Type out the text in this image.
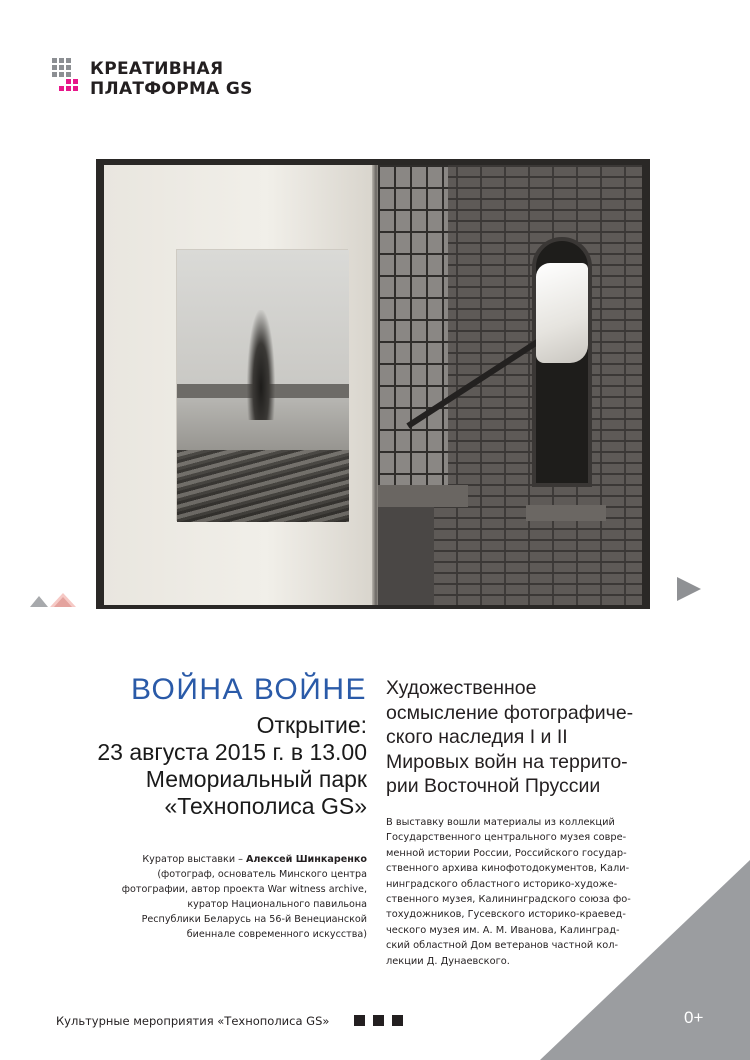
КРЕАТИВНАЯ
ПЛАТФОРМА GS
ВОЙНА ВОЙНЕ
Открытие:
23 августа 2015 г. в 13.00
Мемориальный парк
«Технополиса GS»
Куратор выставки – Алексей Шинкаренко
(фотограф, основатель Минского центра
фотографии, автор проекта War witness archive,
куратор Национального павильона
Республики Беларусь на 56-й Венецианской
биеннале современного искусства)
Художественное
осмысление фотографиче-
ского наследия I и II
Мировых войн на террито-
рии Восточной Пруссии
В выставку вошли материалы из коллекций
Государственного центрального музея совре-
менной истории России, Российского государ-
ственного архива кинофотодокументов, Кали-
нинградского областного историко-художе-
ственного музея, Калининградского союза фо-
тохудожников, Гусевского историко-краевед-
ческого музея им. А. М. Иванова, Калинград-
ский областной Дом ветеранов частной кол-
лекции Д. Дунаевского.
Культурные мероприятия «Технополиса GS»	0+
